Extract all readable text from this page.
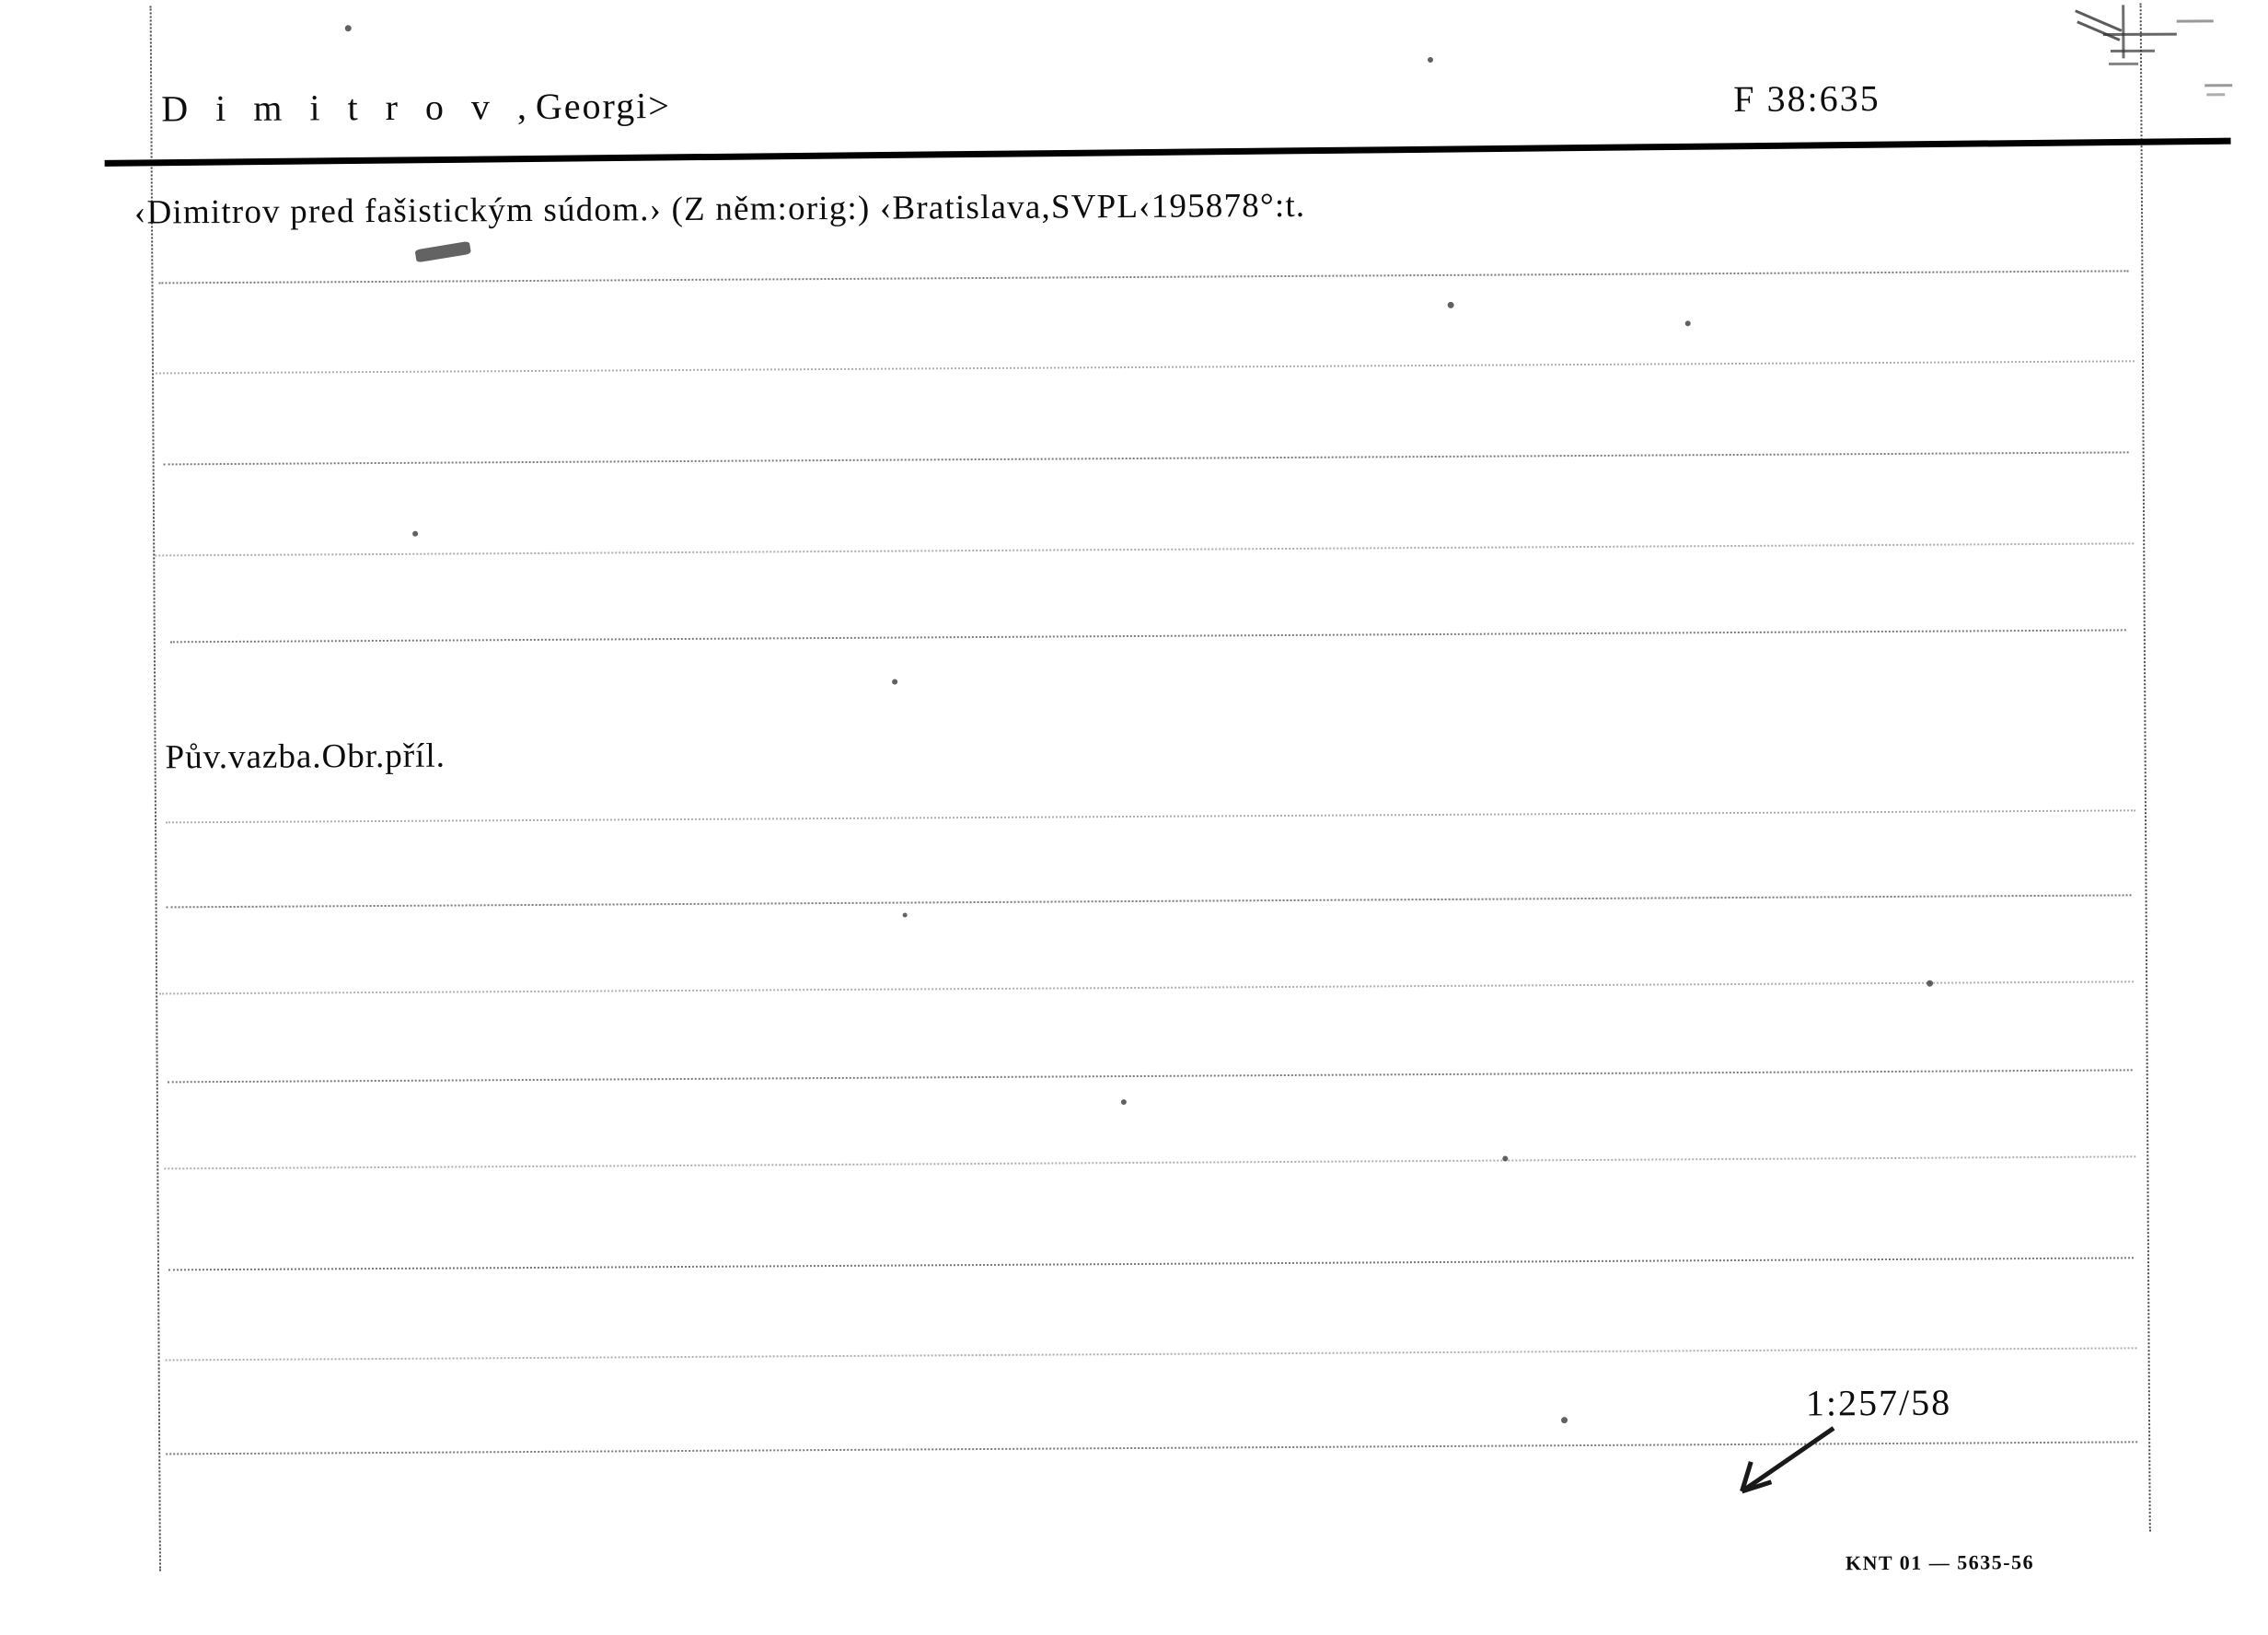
D i m i t r o v ,Georgi>	F 38:635
‹Dimitrov pred fašistickým súdom.› (Z něm:orig:) ‹Bratislava,SVPL‹195878°:t.
Pův.vazba.Obr.příl.
1:257/58
KNT 01 — 5635-56
